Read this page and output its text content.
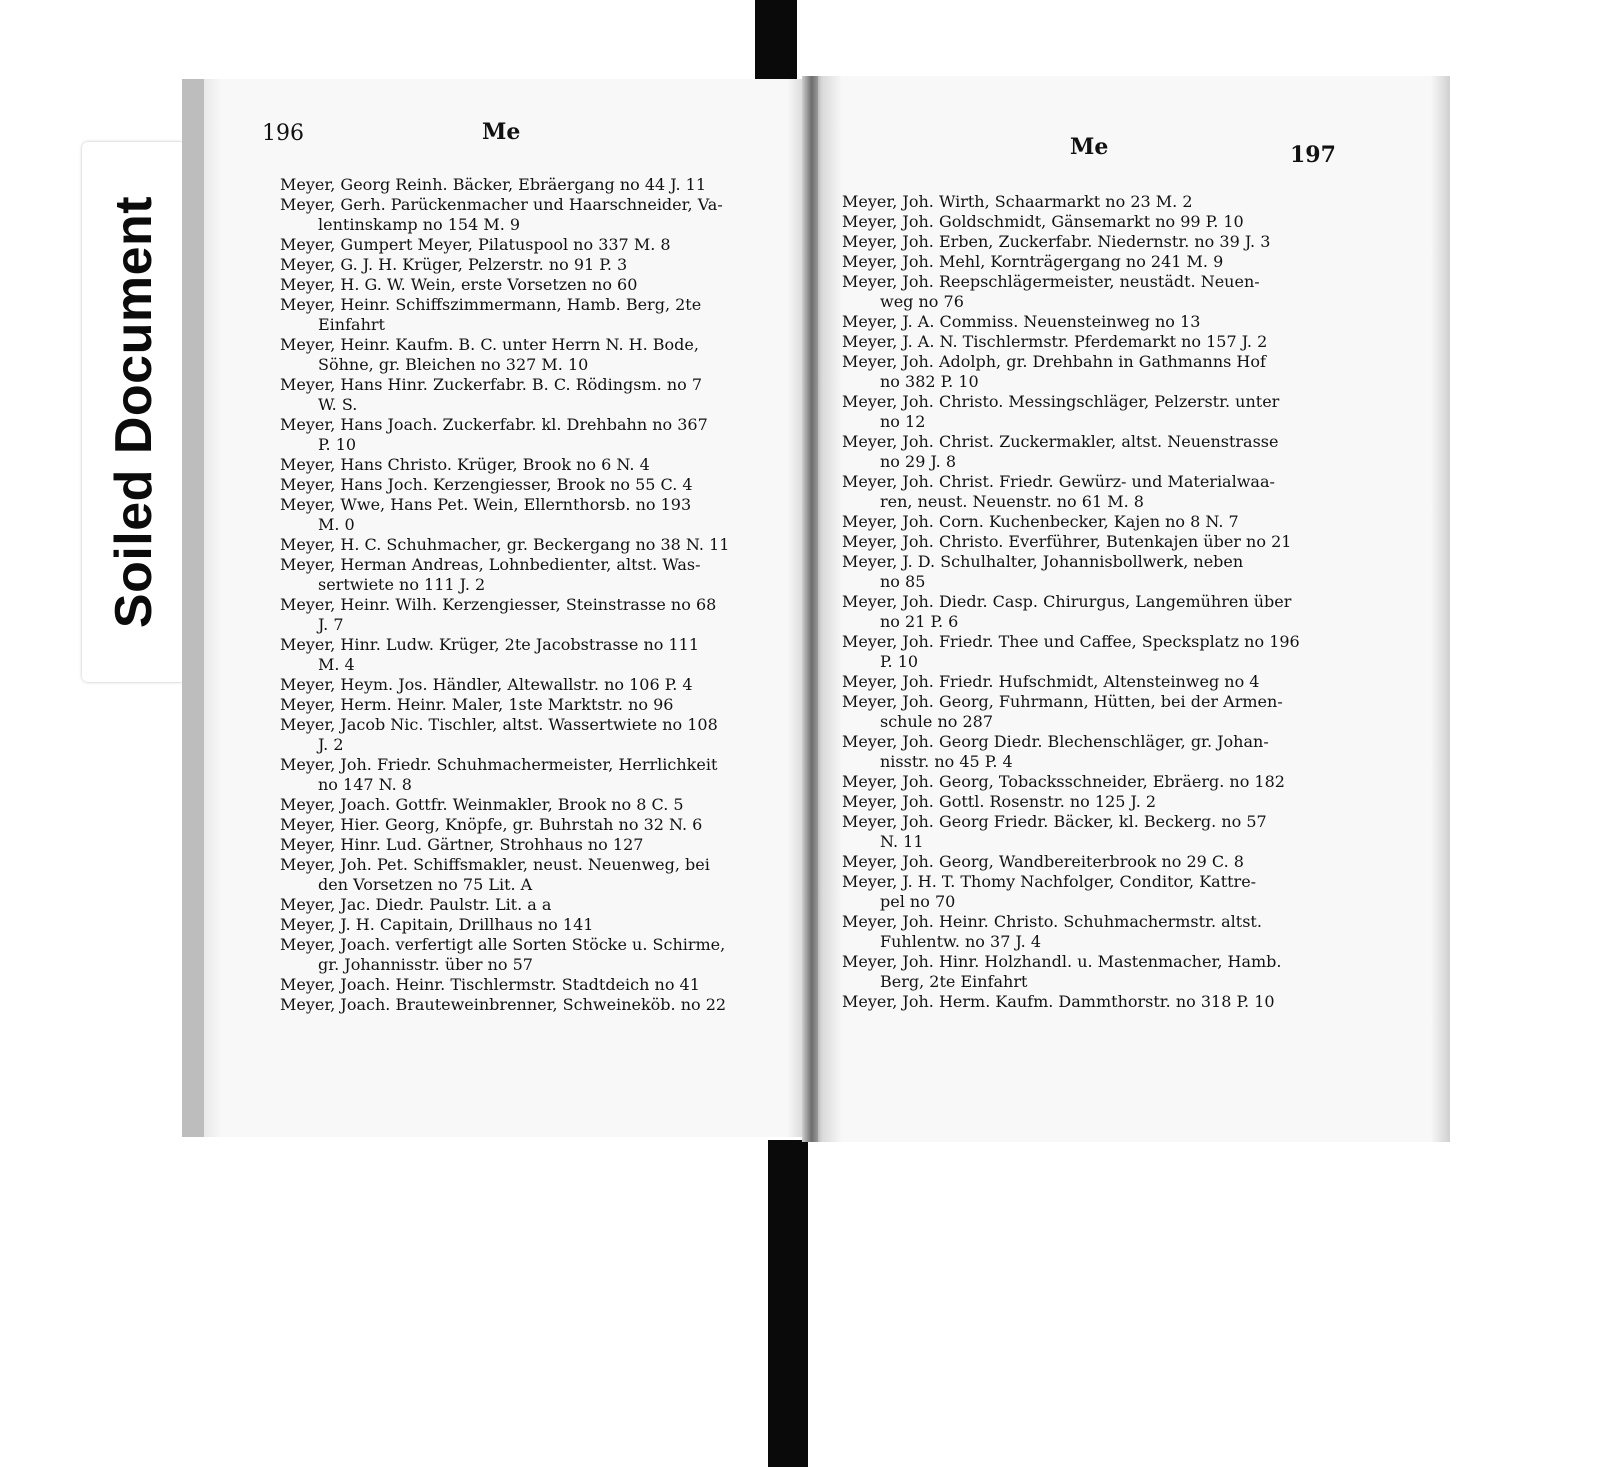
Soiled Document
196	Me
Meyer, Georg Reinh. Bäcker, Ebräergang no 44 J. 11
Meyer, Gerh. Parückenmacher und Haarschneider, Va-
lentinskamp no 154 M. 9
Meyer, Gumpert Meyer, Pilatuspool no 337 M. 8
Meyer, G. J. H. Krüger, Pelzerstr. no 91 P. 3
Meyer, H. G. W. Wein, erste Vorsetzen no 60
Meyer, Heinr. Schiffszimmermann, Hamb. Berg, 2te
Einfahrt
Meyer, Heinr. Kaufm. B. C. unter Herrn N. H. Bode,
Söhne, gr. Bleichen no 327 M. 10
Meyer, Hans Hinr. Zuckerfabr. B. C. Rödingsm. no 7
W. S.
Meyer, Hans Joach. Zuckerfabr. kl. Drehbahn no 367
P. 10
Meyer, Hans Christo. Krüger, Brook no 6 N. 4
Meyer, Hans Joch. Kerzengiesser, Brook no 55 C. 4
Meyer, Wwe, Hans Pet. Wein, Ellernthorsb. no 193
M. 0
Meyer, H. C. Schuhmacher, gr. Beckergang no 38 N. 11
Meyer, Herman Andreas, Lohnbedienter, altst. Was-
sertwiete no 111 J. 2
Meyer, Heinr. Wilh. Kerzengiesser, Steinstrasse no 68
J. 7
Meyer, Hinr. Ludw. Krüger, 2te Jacobstrasse no 111
M. 4
Meyer, Heym. Jos. Händler, Altewallstr. no 106 P. 4
Meyer, Herm. Heinr. Maler, 1ste Marktstr. no 96
Meyer, Jacob Nic. Tischler, altst. Wassertwiete no 108
J. 2
Meyer, Joh. Friedr. Schuhmachermeister, Herrlichkeit
no 147 N. 8
Meyer, Joach. Gottfr. Weinmakler, Brook no 8 C. 5
Meyer, Hier. Georg, Knöpfe, gr. Buhrstah no 32 N. 6
Meyer, Hinr. Lud. Gärtner, Strohhaus no 127
Meyer, Joh. Pet. Schiffsmakler, neust. Neuenweg, bei
den Vorsetzen no 75 Lit. A
Meyer, Jac. Diedr. Paulstr. Lit. a a
Meyer, J. H. Capitain, Drillhaus no 141
Meyer, Joach. verfertigt alle Sorten Stöcke u. Schirme,
gr. Johannisstr. über no 57
Meyer, Joach. Heinr. Tischlermstr. Stadtdeich no 41
Meyer, Joach. Brauteweinbrenner, Schweineköb. no 22
Me	197
Meyer, Joh. Wirth, Schaarmarkt no 23 M. 2
Meyer, Joh. Goldschmidt, Gänsemarkt no 99 P. 10
Meyer, Joh. Erben, Zuckerfabr. Niedernstr. no 39 J. 3
Meyer, Joh. Mehl, Kornträgergang no 241 M. 9
Meyer, Joh. Reepschlägermeister, neustädt. Neuen-
weg no 76
Meyer, J. A. Commiss. Neuensteinweg no 13
Meyer, J. A. N. Tischlermstr. Pferdemarkt no 157 J. 2
Meyer, Joh. Adolph, gr. Drehbahn in Gathmanns Hof
no 382 P. 10
Meyer, Joh. Christo. Messingschläger, Pelzerstr. unter
no 12
Meyer, Joh. Christ. Zuckermakler, altst. Neuenstrasse
no 29 J. 8
Meyer, Joh. Christ. Friedr. Gewürz- und Materialwaa-
ren, neust. Neuenstr. no 61 M. 8
Meyer, Joh. Corn. Kuchenbecker, Kajen no 8 N. 7
Meyer, Joh. Christo. Everführer, Butenkajen über no 21
Meyer, J. D. Schulhalter, Johannisbollwerk, neben
no 85
Meyer, Joh. Diedr. Casp. Chirurgus, Langemühren über
no 21 P. 6
Meyer, Joh. Friedr. Thee und Caffee, Specksplatz no 196
P. 10
Meyer, Joh. Friedr. Hufschmidt, Altensteinweg no 4
Meyer, Joh. Georg, Fuhrmann, Hütten, bei der Armen-
schule no 287
Meyer, Joh. Georg Diedr. Blechenschläger, gr. Johan-
nisstr. no 45 P. 4
Meyer, Joh. Georg, Tobacksschneider, Ebräerg. no 182
Meyer, Joh. Gottl. Rosenstr. no 125 J. 2
Meyer, Joh. Georg Friedr. Bäcker, kl. Beckerg. no 57
N. 11
Meyer, Joh. Georg, Wandbereiterbrook no 29 C. 8
Meyer, J. H. T. Thomy Nachfolger, Conditor, Kattre-
pel no 70
Meyer, Joh. Heinr. Christo. Schuhmachermstr. altst.
Fuhlentw. no 37 J. 4
Meyer, Joh. Hinr. Holzhandl. u. Mastenmacher, Hamb.
Berg, 2te Einfahrt
Meyer, Joh. Herm. Kaufm. Dammthorstr. no 318 P. 10
